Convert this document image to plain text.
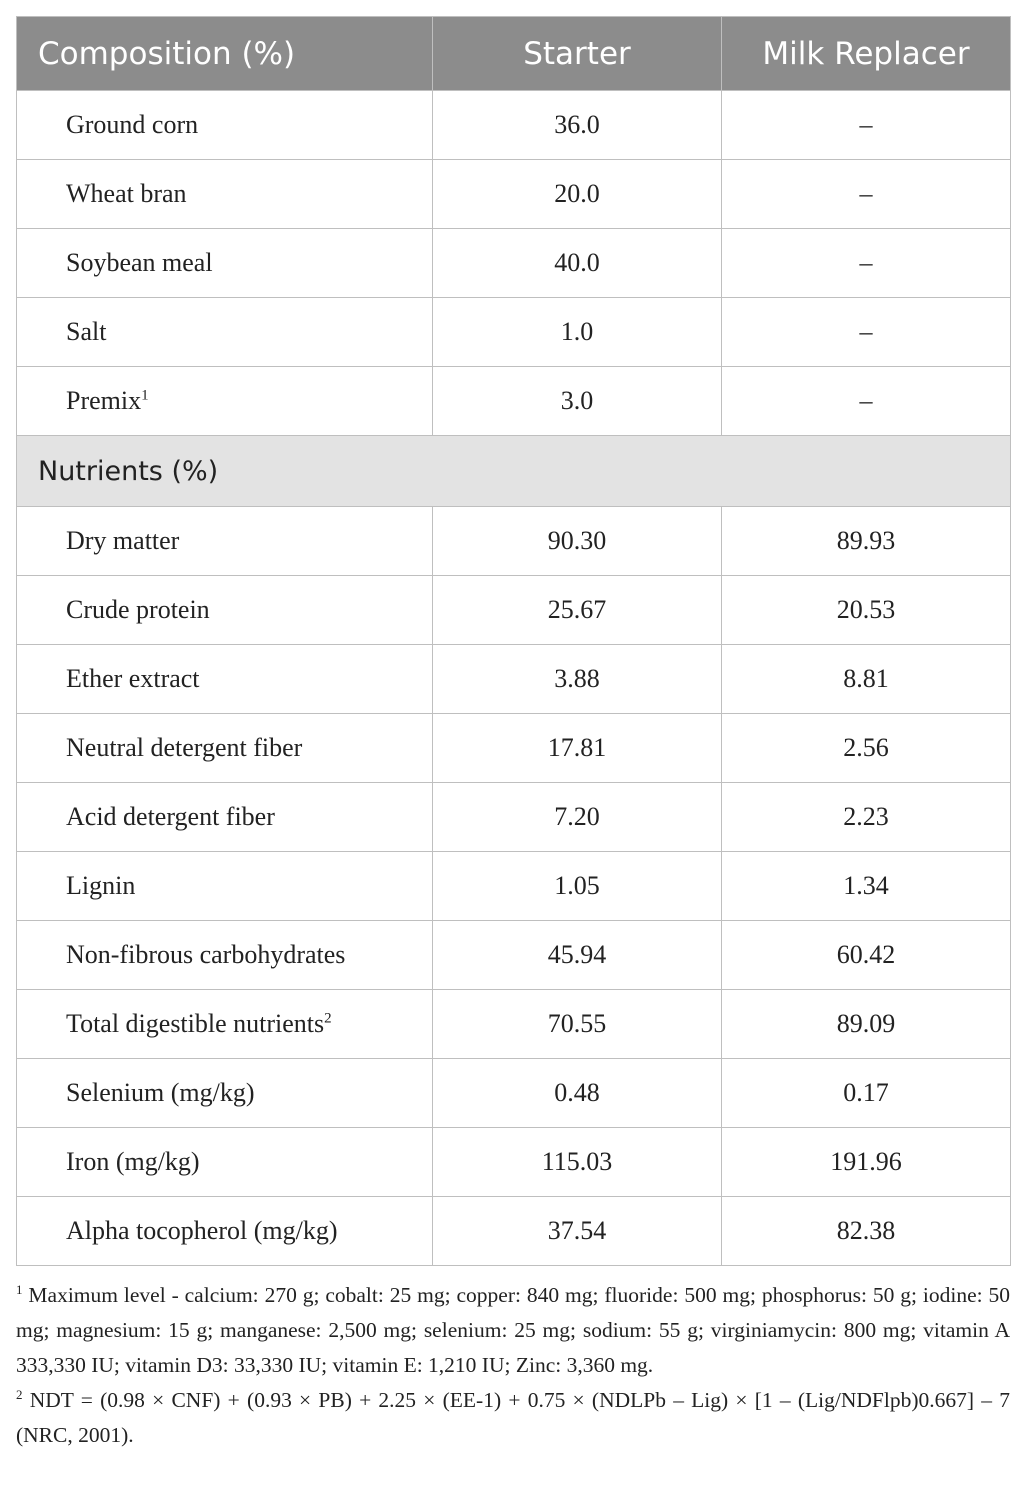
Composition (%)	Starter	Milk Replacer
Ground corn	36.0	–
Wheat bran	20.0	–
Soybean meal	40.0	–
Salt	1.0	–
Premix$^1$	3.0	–
Nutrients (%)		
Dry matter	90.30	89.93
Crude protein	25.67	20.53
Ether extract	3.88	8.81
Neutral detergent fiber	17.81	2.56
Acid detergent fiber	7.20	2.23
Lignin	1.05	1.34
Non-fibrous carbohydrates	45.94	60.42
Total digestible nutrients$^2$	70.55	89.09
Selenium (mg/kg)	0.48	0.17
Iron (mg/kg)	115.03	191.96
Alpha tocopherol (mg/kg)	37.54	82.38

$^1$ Maximum level - calcium: 270 g; cobalt: 25 mg; copper: 840 mg; fluoride: 500 mg; phosphorus: 50 g; iodine: 50 mg; magnesium: 15 g; manganese: 2,500 mg; selenium: 25 mg; sodium: 55 g; virginiamycin: 800 mg; vitamin A 333,330 IU; vitamin D3: 33,330 IU; vitamin E: 1,210 IU; Zinc: 3,360 mg.

$^2$ NDT = (0.98 × CNF) + (0.93 × PB) + 2.25 × (EE-1) + 0.75 × (NDLPb – Lig) × [1 – (Lig/NDFlpb)0.667] – 7 (NRC, 2001).
